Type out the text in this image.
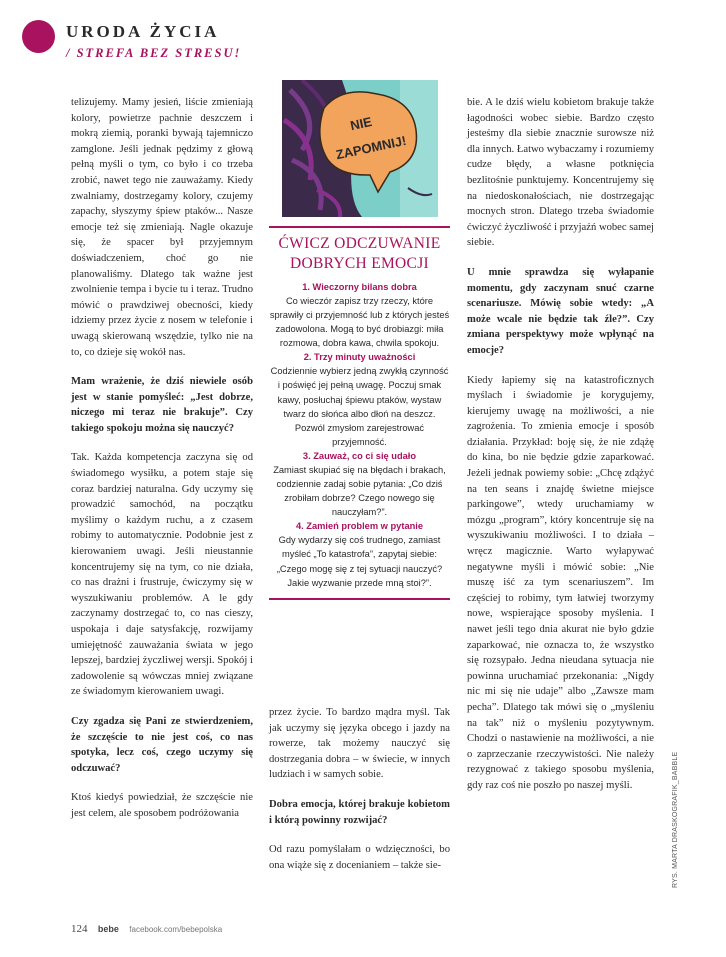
URODA ŻYCIA
/ STREFA BEZ STRESU!

telizujemy. Mamy jesień, liście zmieniają kolory, powietrze pachnie deszczem i mokrą ziemią, poranki bywają tajemniczo zamglone. Jeśli jednak pędzimy z głową pełną myśli o tym, co było i co trzeba zrobić, nawet tego nie zauważamy. Kiedy zwalniamy, dostrzegamy kolory, czujemy zapachy, słyszymy śpiew ptaków... Nasze emocje też się zmieniają. Nagle okazuje się, że spacer był przyjemnym doświadczeniem, choć go nie planowaliśmy. Dlatego tak ważne jest zwolnienie tempa i bycie tu i teraz. Trudno mówić o prawdziwej obecności, kiedy idziemy przez życie z nosem w telefonie i uwagą skierowaną wszędzie, tylko nie na to, co dzieje się wokół nas.

Mam wrażenie, że dziś niewiele osób jest w stanie pomyśleć: „Jest dobrze, niczego mi teraz nie brakuje”. Czy takiego spokoju można się nauczyć?

Tak. Każda kompetencja zaczyna się od świadomego wysiłku, a potem staje się coraz bardziej naturalna. Gdy uczymy się prowadzić samochód, na początku myślimy o każdym ruchu, a z czasem robimy to automatycznie. Podobnie jest z kierowaniem uwagi. Jeśli nieustannie koncentrujemy się na tym, co nie działa, co nas drażni i frustruje, ćwiczymy się w wyszukiwaniu problemów. A le gdy zaczynamy dostrzegać to, co nas cieszy, uspokaja i daje satysfakcję, rozwijamy umiejętność zauważania świata w jego lepszej, bardziej życzliwej wersji. Spokój i zadowolenie są wówczas mniej związane ze świadomym kierowaniem uwagi.

Czy zgadza się Pani ze stwierdzeniem, że szczęście to nie jest coś, co nas spotyka, lecz coś, czego uczymy się odczuwać?

Ktoś kiedyś powiedział, że szczęście nie jest celem, ale sposobem podróżowania

NIE
ZAPOMNIJ!
ĆWICZ ODCZUWANIE DOBRYCH EMOCJI
1. Wieczorny bilans dobra
Co wieczór zapisz trzy rzeczy, które sprawiły ci przyjemność lub z których jesteś zadowolona. Mogą to być drobiazgi: miła rozmowa, dobra kawa, chwila spokoju.
2. Trzy minuty uważności
Codziennie wybierz jedną zwykłą czynność i poświęć jej pełną uwagę. Poczuj smak kawy, posłuchaj śpiewu ptaków, wystaw twarz do słońca albo dłoń na deszcz. Pozwól zmysłom zarejestrować przyjemność.
3. Zauważ, co ci się udało
Zamiast skupiać się na błędach i brakach, codziennie zadaj sobie pytania: „Co dziś zrobiłam dobrze? Czego nowego się nauczyłam?”.
4. Zamień problem w pytanie
Gdy wydarzy się coś trudnego, zamiast myśleć „To katastrofa”, zapytaj siebie: „Czego mogę się z tej sytuacji nauczyć? Jakie wyzwanie przede mną stoi?”.

przez życie. To bardzo mądra myśl. Tak jak uczymy się języka obcego i jazdy na rowerze, tak możemy nauczyć się dostrzegania dobra – w świecie, w innych ludziach i w samych sobie.

Dobra emocja, której brakuje kobietom i którą powinny rozwijać?

Od razu pomyślałam o wdzięczności, bo ona wiąże się z docenianiem – także sie-

bie. A le dziś wielu kobietom brakuje także łagodności wobec siebie. Bardzo często jesteśmy dla siebie znacznie surowsze niż dla innych. Łatwo wybaczamy i rozumiemy cudze błędy, a własne potknięcia bezlitośnie punktujemy. Koncentrujemy się na niedoskonałościach, nie dostrzegając mocnych stron. Dlatego trzeba świadomie ćwiczyć życzliwość i przyjaźń wobec samej siebie.

U mnie sprawdza się wyłapanie momentu, gdy zaczynam snuć czarne scenariusze. Mówię sobie wtedy: „A może wcale nie będzie tak źle?”. Czy zmiana perspektywy może wpłynąć na emocje?

Kiedy łapiemy się na katastroficznych myślach i świadomie je korygujemy, kierujemy uwagę na możliwości, a nie zagrożenia. To zmienia emocje i sposób działania. Przykład: boję się, że nie zdążę do kina, bo nie będzie gdzie zaparkować. Jeżeli jednak powiemy sobie: „Chcę zdążyć na ten seans i znajdę świetne miejsce parkingowe”, wtedy uruchamiamy w mózgu „program”, który koncentruje się na wyszukiwaniu możliwości. I to działa – wręcz magicznie. Warto wyłapywać negatywne myśli i mówić sobie: „Nie muszę iść za tym scenariuszem”. Im częściej to robimy, tym łatwiej tworzymy nowe, wspierające sposoby myślenia. I nawet jeśli tego dnia akurat nie było gdzie zaparkować, nie oznacza to, że wszystko się rozsypało. Jedna nieudana sytuacja nie powinna uruchamiać przekonania: „Nigdy nic mi się nie udaje” albo „Zawsze mam pecha”. Dlatego tak mówi się o „myśleniu na tak” niż o myśleniu pozytywnym. Chodzi o nastawienie na możliwości, a nie o zaprzeczanie rzeczywistości. Nie należy rezygnować z takiego sposobu myślenia, gdy raz coś nie poszło po naszej myśli.	RYS. MARTA DRASKOGRAFIK_BABBLE
124 bebe facebook.com/bebepolska
